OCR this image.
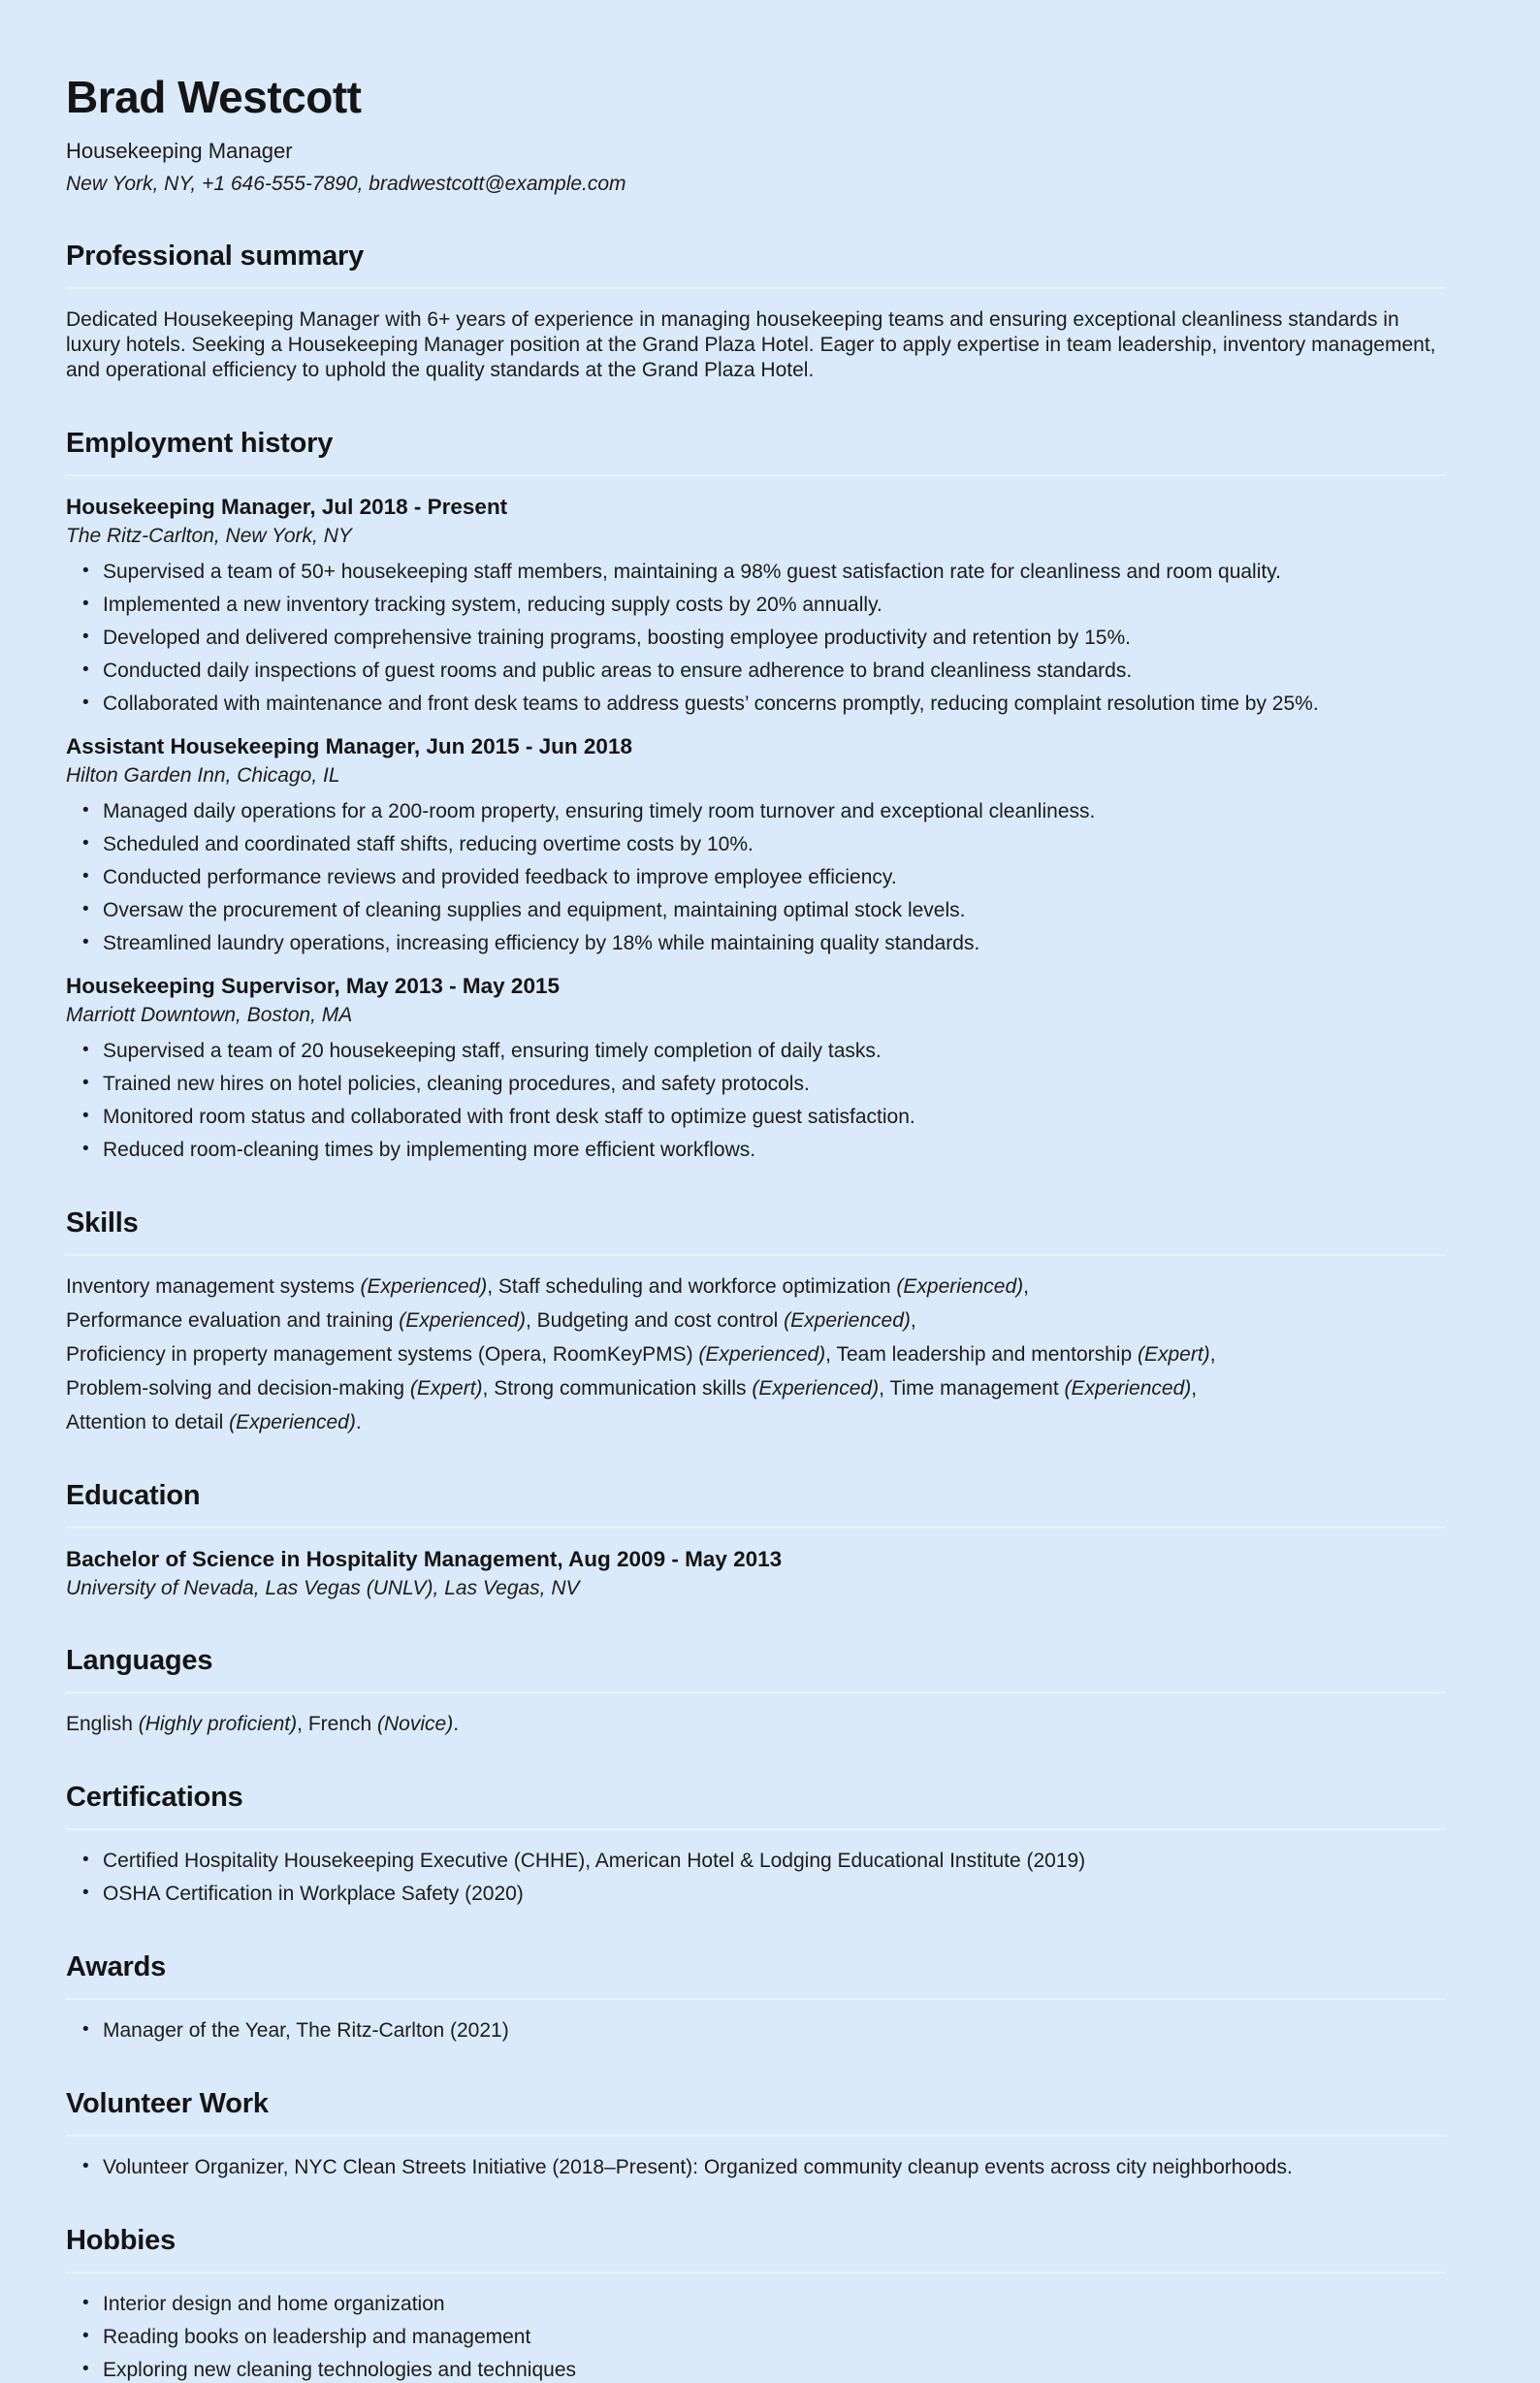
Brad Westcott
Housekeeping Manager
New York, NY, +1 646-555-7890, bradwestcott@example.com
Professional summary

Dedicated Housekeeping Manager with 6+ years of experience in managing housekeeping teams and ensuring exceptional cleanliness standards in luxury hotels. Seeking a Housekeeping Manager position at the Grand Plaza Hotel. Eager to apply expertise in team leadership, inventory management, and operational efficiency to uphold the quality standards at the Grand Plaza Hotel.

Employment history
Housekeeping Manager, Jul 2018 - Present
The Ritz-Carlton, New York, NY
• Supervised a team of 50+ housekeeping staff members, maintaining a 98% guest satisfaction rate for cleanliness and room quality.
• Implemented a new inventory tracking system, reducing supply costs by 20% annually.
• Developed and delivered comprehensive training programs, boosting employee productivity and retention by 15%.
• Conducted daily inspections of guest rooms and public areas to ensure adherence to brand cleanliness standards.
• Collaborated with maintenance and front desk teams to address guests’ concerns promptly, reducing complaint resolution time by 25%.
Assistant Housekeeping Manager, Jun 2015 - Jun 2018
Hilton Garden Inn, Chicago, IL
• Managed daily operations for a 200-room property, ensuring timely room turnover and exceptional cleanliness.
• Scheduled and coordinated staff shifts, reducing overtime costs by 10%.
• Conducted performance reviews and provided feedback to improve employee efficiency.
• Oversaw the procurement of cleaning supplies and equipment, maintaining optimal stock levels.
• Streamlined laundry operations, increasing efficiency by 18% while maintaining quality standards.
Housekeeping Supervisor, May 2013 - May 2015
Marriott Downtown, Boston, MA
• Supervised a team of 20 housekeeping staff, ensuring timely completion of daily tasks.
• Trained new hires on hotel policies, cleaning procedures, and safety protocols.
• Monitored room status and collaborated with front desk staff to optimize guest satisfaction.
• Reduced room-cleaning times by implementing more efficient workflows.
Skills
Inventory management systems (Experienced), Staff scheduling and workforce optimization (Experienced),
Performance evaluation and training (Experienced), Budgeting and cost control (Experienced),
Proficiency in property management systems (Opera, RoomKeyPMS) (Experienced), Team leadership and mentorship (Expert),
Problem-solving and decision-making (Expert), Strong communication skills (Experienced), Time management (Experienced),
Attention to detail (Experienced).
Education
Bachelor of Science in Hospitality Management, Aug 2009 - May 2013
University of Nevada, Las Vegas (UNLV), Las Vegas, NV
Languages
English (Highly proficient), French (Novice).
Certifications
• Certified Hospitality Housekeeping Executive (CHHE), American Hotel & Lodging Educational Institute (2019)
• OSHA Certification in Workplace Safety (2020)
Awards
• Manager of the Year, The Ritz-Carlton (2021)
Volunteer Work
• Volunteer Organizer, NYC Clean Streets Initiative (2018–Present): Organized community cleanup events across city neighborhoods.
Hobbies
• Interior design and home organization
• Reading books on leadership and management
• Exploring new cleaning technologies and techniques
